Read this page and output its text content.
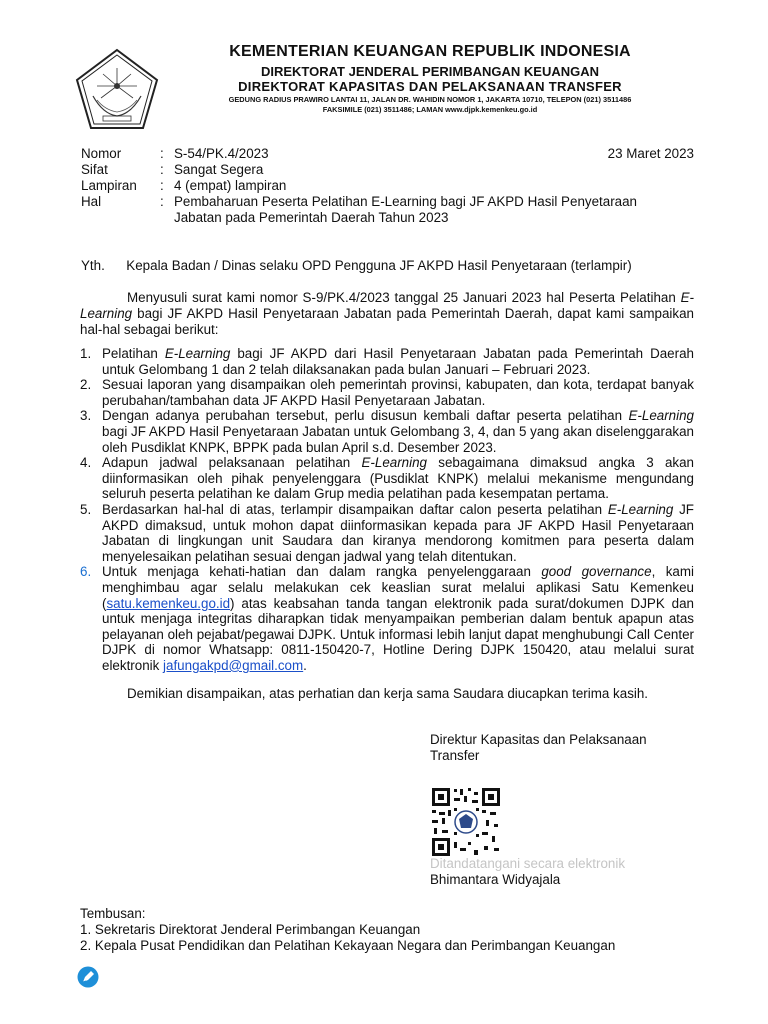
KEMENTERIAN KEUANGAN REPUBLIK INDONESIA
DIREKTORAT JENDERAL PERIMBANGAN KEUANGAN
DIREKTORAT KAPASITAS DAN PELAKSANAAN TRANSFER
GEDUNG RADIUS PRAWIRO LANTAI 11, JALAN DR. WAHIDIN NOMOR 1, JAKARTA 10710, TELEPON (021) 3511486
FAKSIMILE (021) 3511486; LAMAN www.djpk.kemenkeu.go.id
23 Maret 2023
Nomor	: S-54/PK.4/2023
Sifat	: Sangat Segera
Lampiran : 4 (empat) lampiran
Hal	: Pembaharuan Peserta Pelatihan E-Learning bagi JF AKPD Hasil Penyetaraan Jabatan pada Pemerintah Daerah Tahun 2023
Yth. Kepala Badan / Dinas selaku OPD Pengguna JF AKPD Hasil Penyetaraan (terlampir)
Menyusuli surat kami nomor S-9/PK.4/2023 tanggal 25 Januari 2023 hal Peserta Pelatihan E-Learning bagi JF AKPD Hasil Penyetaraan Jabatan pada Pemerintah Daerah, dapat kami sampaikan hal-hal sebagai berikut:
1. Pelatihan E-Learning bagi JF AKPD dari Hasil Penyetaraan Jabatan pada Pemerintah Daerah untuk Gelombang 1 dan 2 telah dilaksanakan pada bulan Januari – Februari 2023.
2. Sesuai laporan yang disampaikan oleh pemerintah provinsi, kabupaten, dan kota, terdapat banyak perubahan/tambahan data JF AKPD Hasil Penyetaraan Jabatan.
3. Dengan adanya perubahan tersebut, perlu disusun kembali daftar peserta pelatihan E-Learning bagi JF AKPD Hasil Penyetaraan Jabatan untuk Gelombang 3, 4, dan 5 yang akan diselenggarakan oleh Pusdiklat KNPK, BPPK pada bulan April s.d. Desember 2023.
4. Adapun jadwal pelaksanaan pelatihan E-Learning sebagaimana dimaksud angka 3 akan diinformasikan oleh pihak penyelenggara (Pusdiklat KNPK) melalui mekanisme mengundang seluruh peserta pelatihan ke dalam Grup media pelatihan pada kesempatan pertama.
5. Berdasarkan hal-hal di atas, terlampir disampaikan daftar calon peserta pelatihan E-Learning JF AKPD dimaksud, untuk mohon dapat diinformasikan kepada para JF AKPD Hasil Penyetaraan Jabatan di lingkungan unit Saudara dan kiranya mendorong komitmen para peserta dalam menyelesaikan pelatihan sesuai dengan jadwal yang telah ditentukan.
6. Untuk menjaga kehati-hatian dan dalam rangka penyelenggaraan good governance, kami menghimbau agar selalu melakukan cek keaslian surat melalui aplikasi Satu Kemenkeu (satu.kemenkeu.go.id) atas keabsahan tanda tangan elektronik pada surat/dokumen DJPK dan untuk menjaga integritas diharapkan tidak menyampaikan pemberian dalam bentuk apapun atas pelayanan oleh pejabat/pegawai DJPK. Untuk informasi lebih lanjut dapat menghubungi Call Center DJPK di nomor Whatsapp: 0811-150420-7, Hotline Dering DJPK 150420, atau melalui surat elektronik jafungakpd@gmail.com.
Demikian disampaikan, atas perhatian dan kerja sama Saudara diucapkan terima kasih.
Direktur Kapasitas dan Pelaksanaan
Transfer
Ditandatangani secara elektronik
Bhimantara Widyajala
Tembusan:
1. Sekretaris Direktorat Jenderal Perimbangan Keuangan
2. Kepala Pusat Pendidikan dan Pelatihan Kekayaan Negara dan Perimbangan Keuangan
